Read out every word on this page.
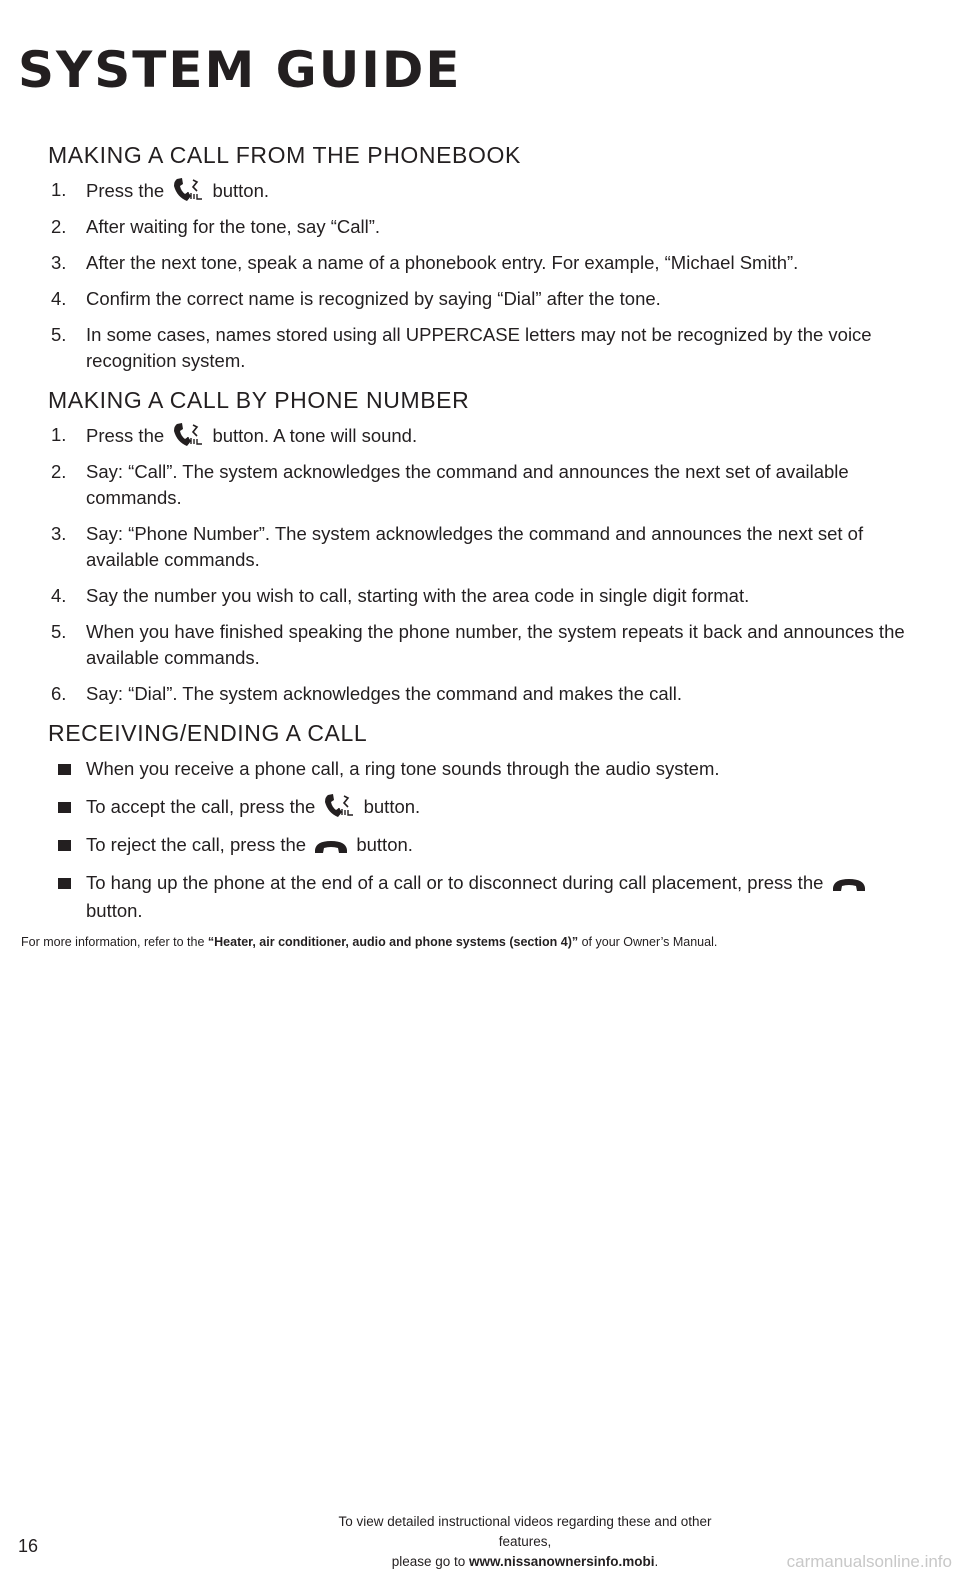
SYSTEM GUIDE
MAKING A CALL FROM THE PHONEBOOK
1. Press the	button.
2. After waiting for the tone, say “Call”.
3. After the next tone, speak a name of a phonebook entry. For example, “Michael Smith”.
4. Confirm the correct name is recognized by saying “Dial” after the tone.
5. In some cases, names stored using all UPPERCASE letters may not be recognized by the voice recognition system.
MAKING A CALL BY PHONE NUMBER
1. Press the	button. A tone will sound.
2. Say: “Call”. The system acknowledges the command and announces the next set of available commands.
3. Say: “Phone Number”. The system acknowledges the command and announces the next set of available commands.
4. Say the number you wish to call, starting with the area code in single digit format.
5. When you have finished speaking the phone number, the system repeats it back and announces the available commands.
6. Say: “Dial”. The system acknowledges the command and makes the call.
RECEIVING/ENDING A CALL
When you receive a phone call, a ring tone sounds through the audio system.
To accept the call, press the	button.
To reject the call, press the	button.
To hang up the phone at the end of a call or to disconnect during call placement, press the
button.

For more information, refer to the “Heater, air conditioner, audio and phone systems (section 4)” of your Owner’s Manual.

16
To view detailed instructional videos regarding these and other features,
please go to www.nissanownersinfo.mobi.	carmanualsonline.info
